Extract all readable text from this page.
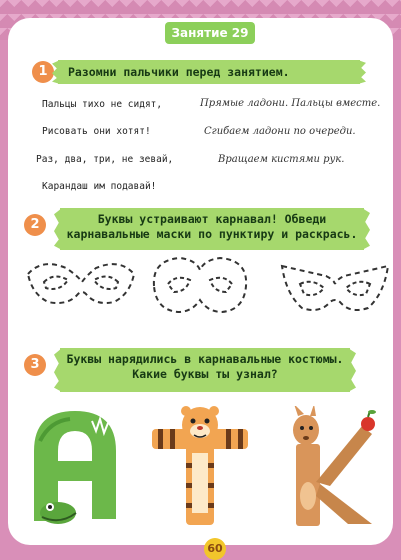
Занятие 29
1	Разомни пальчики перед занятием.
Пальцы тихо не сидят,
Рисовать они хотят!
Раз, два, три, не зевай,
Карандаш им подавай!
Прямые ладони. Пальцы вместе.
Сгибаем ладони по очереди.
Вращаем кистями рук.
2	Буквы устраивают карнавал! Обведи
карнавальные маски по пунктиру и раскрась.
3	Буквы нарядились в карнавальные костюмы.
Какие буквы ты узнал?
60
